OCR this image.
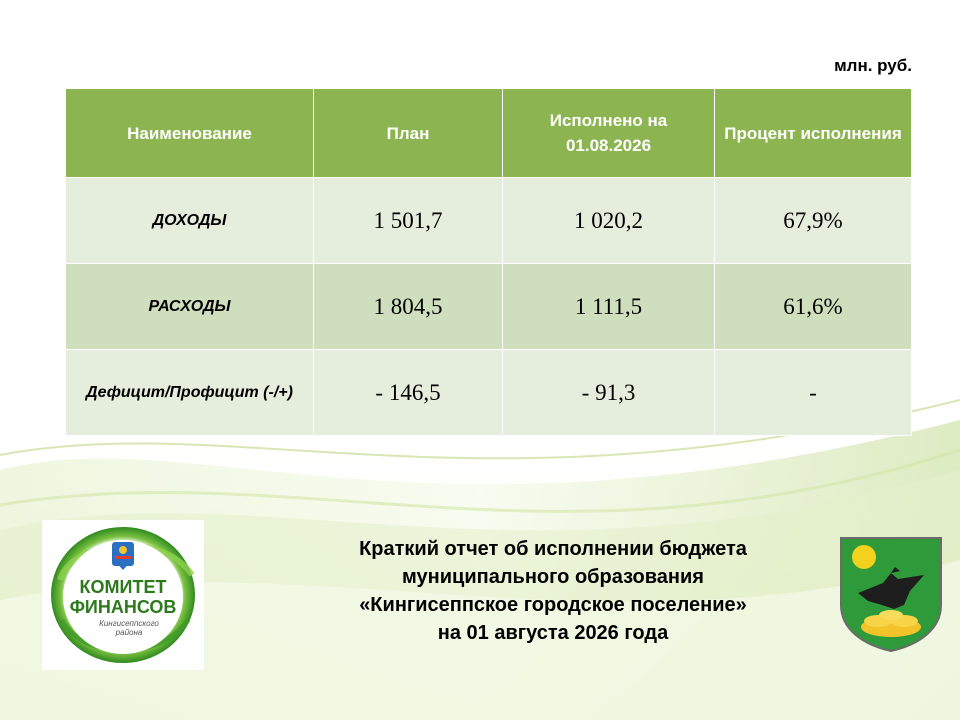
млн. руб.
Наименование	План	Исполнено на 01.08.2026	Процент исполнения
ДОХОДЫ	1 501,7	1 020,2	67,9%
РАСХОДЫ	1 804,5	1 111,5	61,6%
Дефицит/Профицит (-/+)	- 146,5	- 91,3	-
КОМИТЕТ
ФИНАНСОВ
Кингисеппского
района
Краткий отчет об исполнении бюджета
муниципального образования
«Кингисеппское городское поселение»
на 01 августа 2026 года
